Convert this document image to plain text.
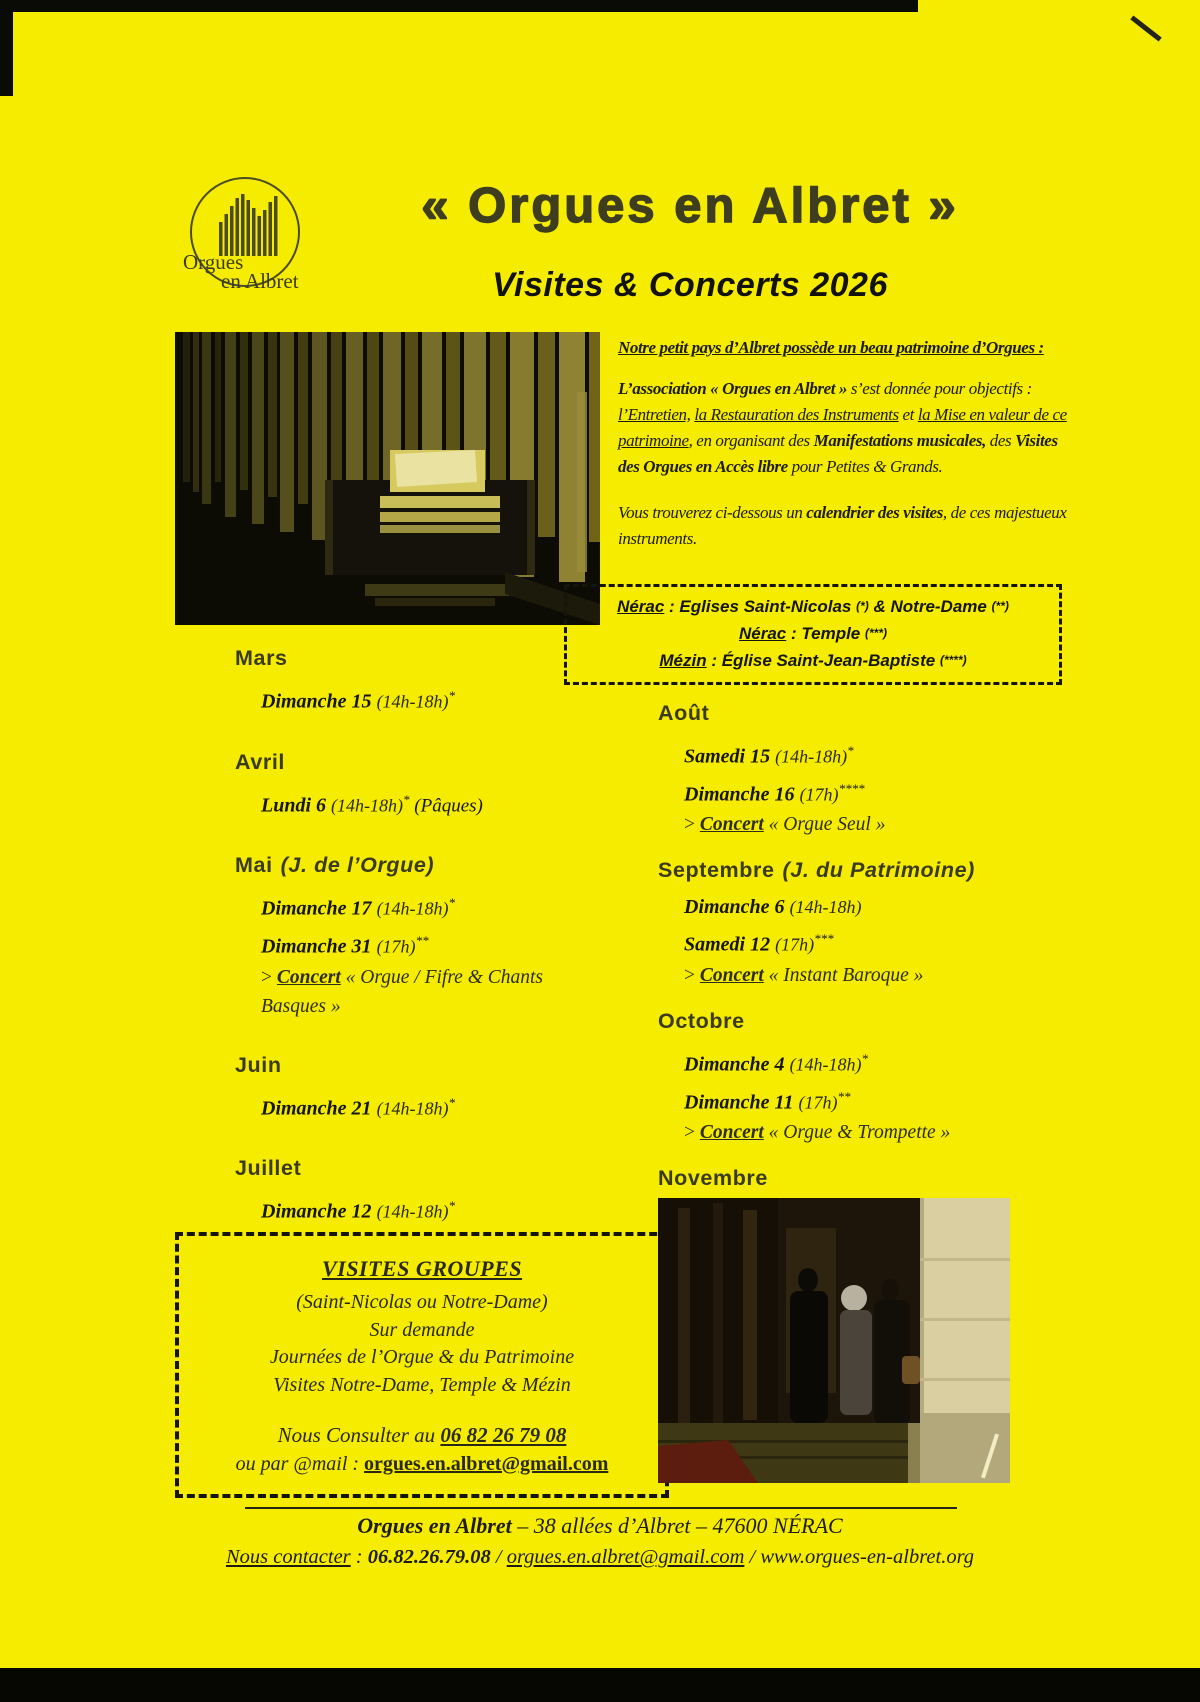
Orgues
en Albret
« Orgues en Albret »
Visites & Concerts 2026
Notre petit pays d’Albret possède un beau patrimoine d’Orgues :
L’association « Orgues en Albret » s’est donnée pour objectifs : l’Entretien, la Restauration des Instruments et la Mise en valeur de ce patrimoine, en organisant des Manifestations musicales, des Visites des Orgues en Accès libre pour Petites & Grands.
Vous trouverez ci-dessous un calendrier des visites, de ces majestueux instruments.
Nérac : Eglises Saint-Nicolas (*) & Notre-Dame (**)
Nérac : Temple (***)
Mézin : Église Saint-Jean-Baptiste (****)
Mars
Dimanche 15 (14h-18h)*
Avril
Lundi 6 (14h-18h)* (Pâques)
Mai (J. de l’Orgue)
Dimanche 17 (14h-18h)*
Dimanche 31 (17h)**
> Concert « Orgue / Fifre & Chants Basques »
Juin
Dimanche 21 (14h-18h)*
Juillet
Dimanche 12 (14h-18h)*
Août
Samedi 15 (14h-18h)*
Dimanche 16 (17h)****
> Concert « Orgue Seul »
Septembre (J. du Patrimoine)
Dimanche 6 (14h-18h)
Samedi 12 (17h)***
> Concert « Instant Baroque »
Octobre
Dimanche 4 (14h-18h)*
Dimanche 11 (17h)**
> Concert « Orgue & Trompette »
Novembre
VISITES GROUPES
(Saint-Nicolas ou Notre-Dame)
Sur demande
Journées de l’Orgue & du Patrimoine
Visites Notre-Dame, Temple & Mézin
Nous Consulter au 06 82 26 79 08
ou par @mail : orgues.en.albret@gmail.com
Orgues en Albret – 38 allées d’Albret – 47600 NÉRAC
Nous contacter : 06.82.26.79.08 / orgues.en.albret@gmail.com / www.orgues-en-albret.org
